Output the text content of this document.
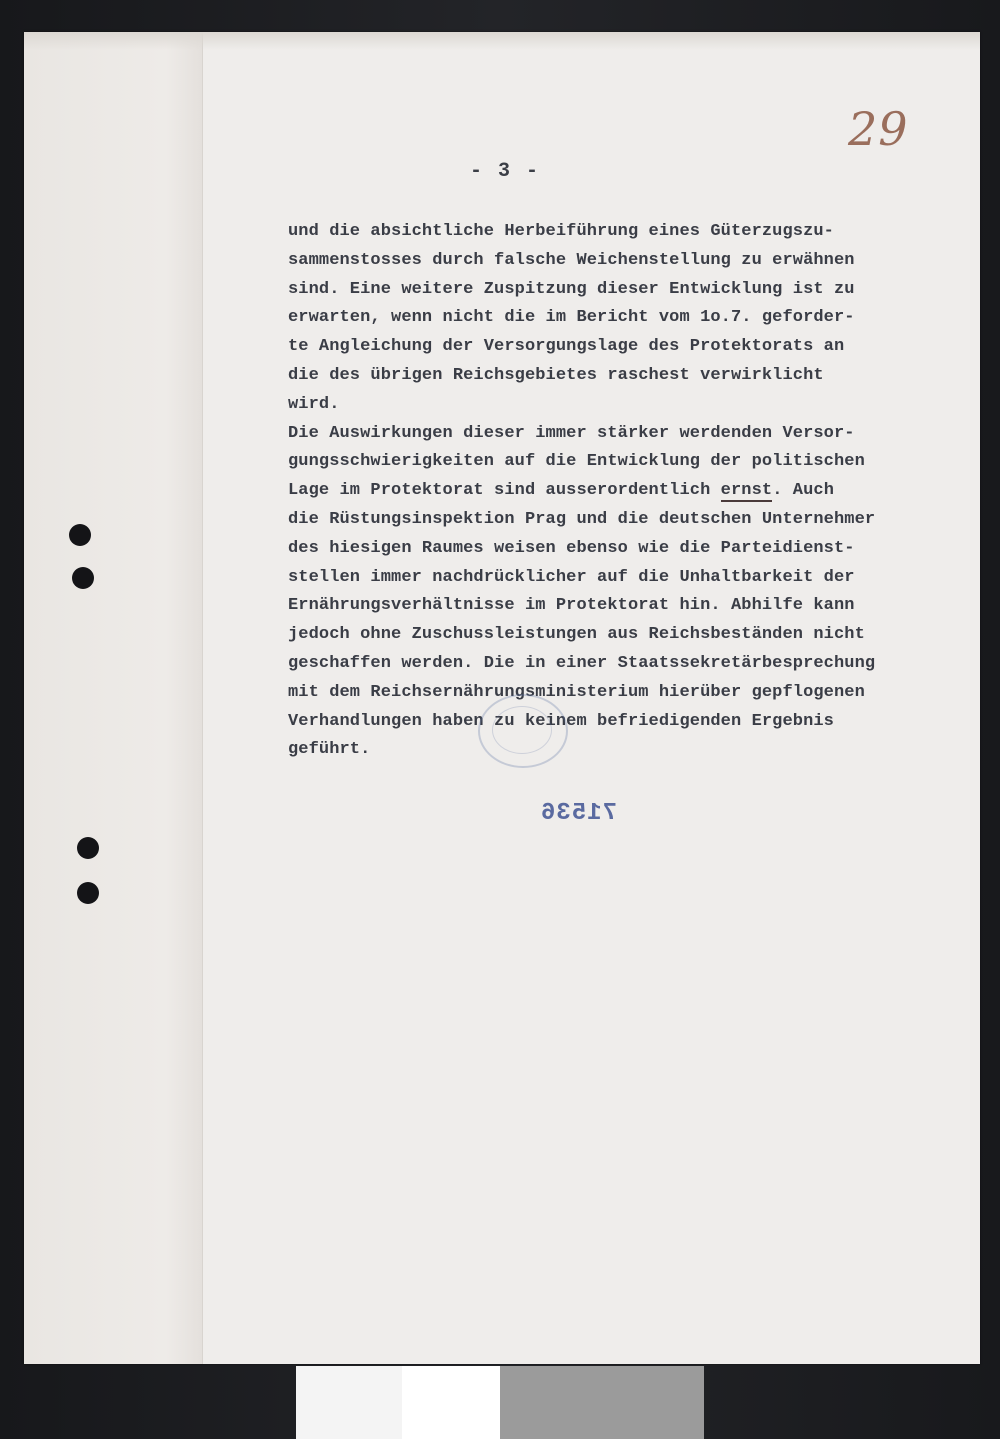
29
- 3 -
und die absichtliche Herbeiführung eines Güterzugszu-
sammenstosses durch falsche Weichenstellung zu erwähnen
sind. Eine weitere Zuspitzung dieser Entwicklung ist zu
erwarten, wenn nicht die im Bericht vom 1o.7. geforder-
te Angleichung der Versorgungslage des Protektorats an
die des übrigen Reichsgebietes raschest verwirklicht
wird.
Die Auswirkungen dieser immer stärker werdenden Versor-
gungsschwierigkeiten auf die Entwicklung der politischen
Lage im Protektorat sind ausserordentlich ernst. Auch
die Rüstungsinspektion Prag und die deutschen Unternehmer
des hiesigen Raumes weisen ebenso wie die Parteidienst-
stellen immer nachdrücklicher auf die Unhaltbarkeit der
Ernährungsverhältnisse im Protektorat hin. Abhilfe kann
jedoch ohne Zuschussleistungen aus Reichsbeständen nicht
geschaffen werden. Die in einer Staatssekretärbesprechung
mit dem Reichsernährungsministerium hierüber gepflogenen
Verhandlungen haben zu keinem befriedigenden Ergebnis
geführt.
71536
